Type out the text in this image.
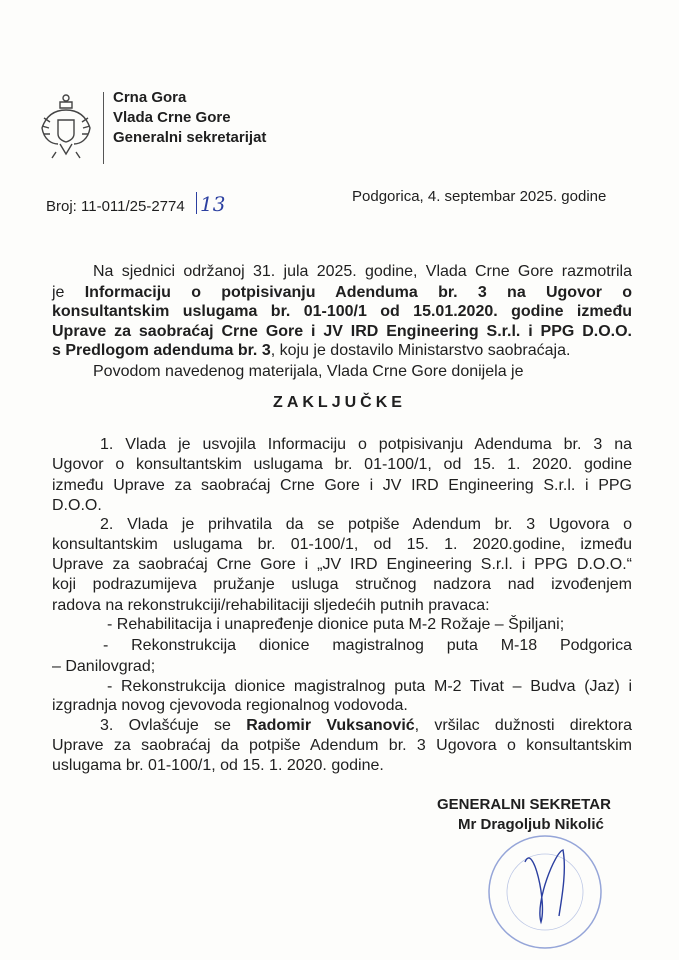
Crna Gora
Vlada Crne Gore
Generalni sekretarijat
Broj: 11-011/25-2774 13	Podgorica, 4. septembar 2025. godine
Na sjednici održanoj 31. jula 2025. godine, Vlada Crne Gore razmotrila
je Informaciju o potpisivanju Adenduma br. 3 na Ugovor o
konsultantskim uslugama br. 01-100/1 od 15.01.2020. godine između
Uprave za saobraćaj Crne Gore i JV IRD Engineering S.r.l. i PPG D.O.O.
s Predlogom adenduma br. 3, koju je dostavilo Ministarstvo saobraćaja.
Povodom navedenog materijala, Vlada Crne Gore donijela je
ZAKLJUČKE
1. Vlada je usvojila Informaciju o potpisivanju Adenduma br. 3 na
Ugovor o konsultantskim uslugama br. 01-100/1, od 15. 1. 2020. godine
između Uprave za saobraćaj Crne Gore i JV IRD Engineering S.r.l. i PPG
D.O.O.
2. Vlada je prihvatila da se potpiše Adendum br. 3 Ugovora o
konsultantskim uslugama br. 01-100/1, od 15. 1. 2020.godine, između
Uprave za saobraćaj Crne Gore i „JV IRD Engineering S.r.l. i PPG D.O.O.“
koji podrazumijeva pružanje usluga stručnog nadzora nad izvođenjem
radova na rekonstrukciji/rehabilitaciji sljedećih putnih pravaca:
- Rehabilitacija i unapređenje dionice puta M-2 Rožaje – Špiljani;
- Rekonstrukcija dionice magistralnog puta M-18 Podgorica
– Danilovgrad;
- Rekonstrukcija dionice magistralnog puta M-2 Tivat – Budva (Jaz) i
izgradnja novog cjevovoda regionalnog vodovoda.
3. Ovlašćuje se Radomir Vuksanović, vršilac dužnosti direktora
Uprave za saobraćaj da potpiše Adendum br. 3 Ugovora o konsultantskim
uslugama br. 01-100/1, od 15. 1. 2020. godine.
GENERALNI SEKRETAR
Mr Dragoljub Nikolić
